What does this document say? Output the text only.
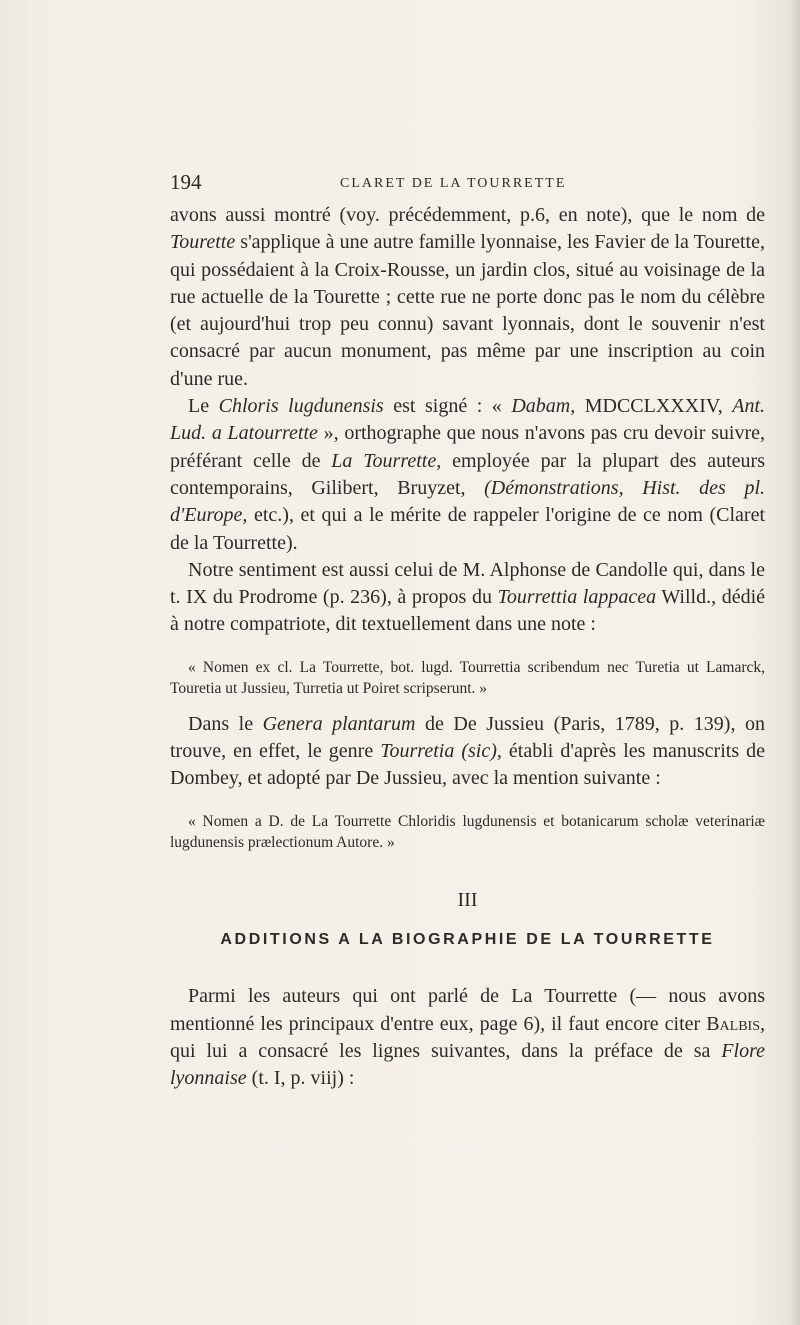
194	CLARET DE LA TOURRETTE

avons aussi montré (voy. précédemment, p.6, en note), que le nom de Tourette s'applique à une autre famille lyonnaise, les Favier de la Tourette, qui possédaient à la Croix-Rousse, un jardin clos, situé au voisinage de la rue actuelle de la Tourette ; cette rue ne porte donc pas le nom du célèbre (et aujourd'hui trop peu connu) savant lyonnais, dont le souvenir n'est consacré par aucun monument, pas même par une inscription au coin d'une rue.

Le Chloris lugdunensis est signé : « Dabam, MDCCLXXXIV, Ant. Lud. a Latourrette », orthographe que nous n'avons pas cru devoir suivre, préférant celle de La Tourrette, employée par la plupart des auteurs contemporains, Gilibert, Bruyzet, (Démonstrations, Hist. des pl. d'Europe, etc.), et qui a le mérite de rappeler l'origine de ce nom (Claret de la Tourrette).

Notre sentiment est aussi celui de M. Alphonse de Candolle qui, dans le t. IX du Prodrome (p. 236), à propos du Tourrettia lappacea Willd., dédié à notre compatriote, dit textuellement dans une note :

« Nomen ex cl. La Tourrette, bot. lugd. Tourrettia scribendum nec Turetia ut Lamarck, Touretia ut Jussieu, Turretia ut Poiret scripserunt. »

Dans le Genera plantarum de De Jussieu (Paris, 1789, p. 139), on trouve, en effet, le genre Tourretia (sic), établi d'après les manuscrits de Dombey, et adopté par De Jussieu, avec la mention suivante :

« Nomen a D. de La Tourrette Chloridis lugdunensis et botanicarum scholæ veterinariæ lugdunensis prælectionum Autore. »

III

ADDITIONS A LA BIOGRAPHIE DE LA TOURRETTE

Parmi les auteurs qui ont parlé de La Tourrette (— nous avons mentionné les principaux d'entre eux, page 6), il faut encore citer Balbis, qui lui a consacré les lignes suivantes, dans la préface de sa Flore lyonnaise (t. I, p. viij) :
